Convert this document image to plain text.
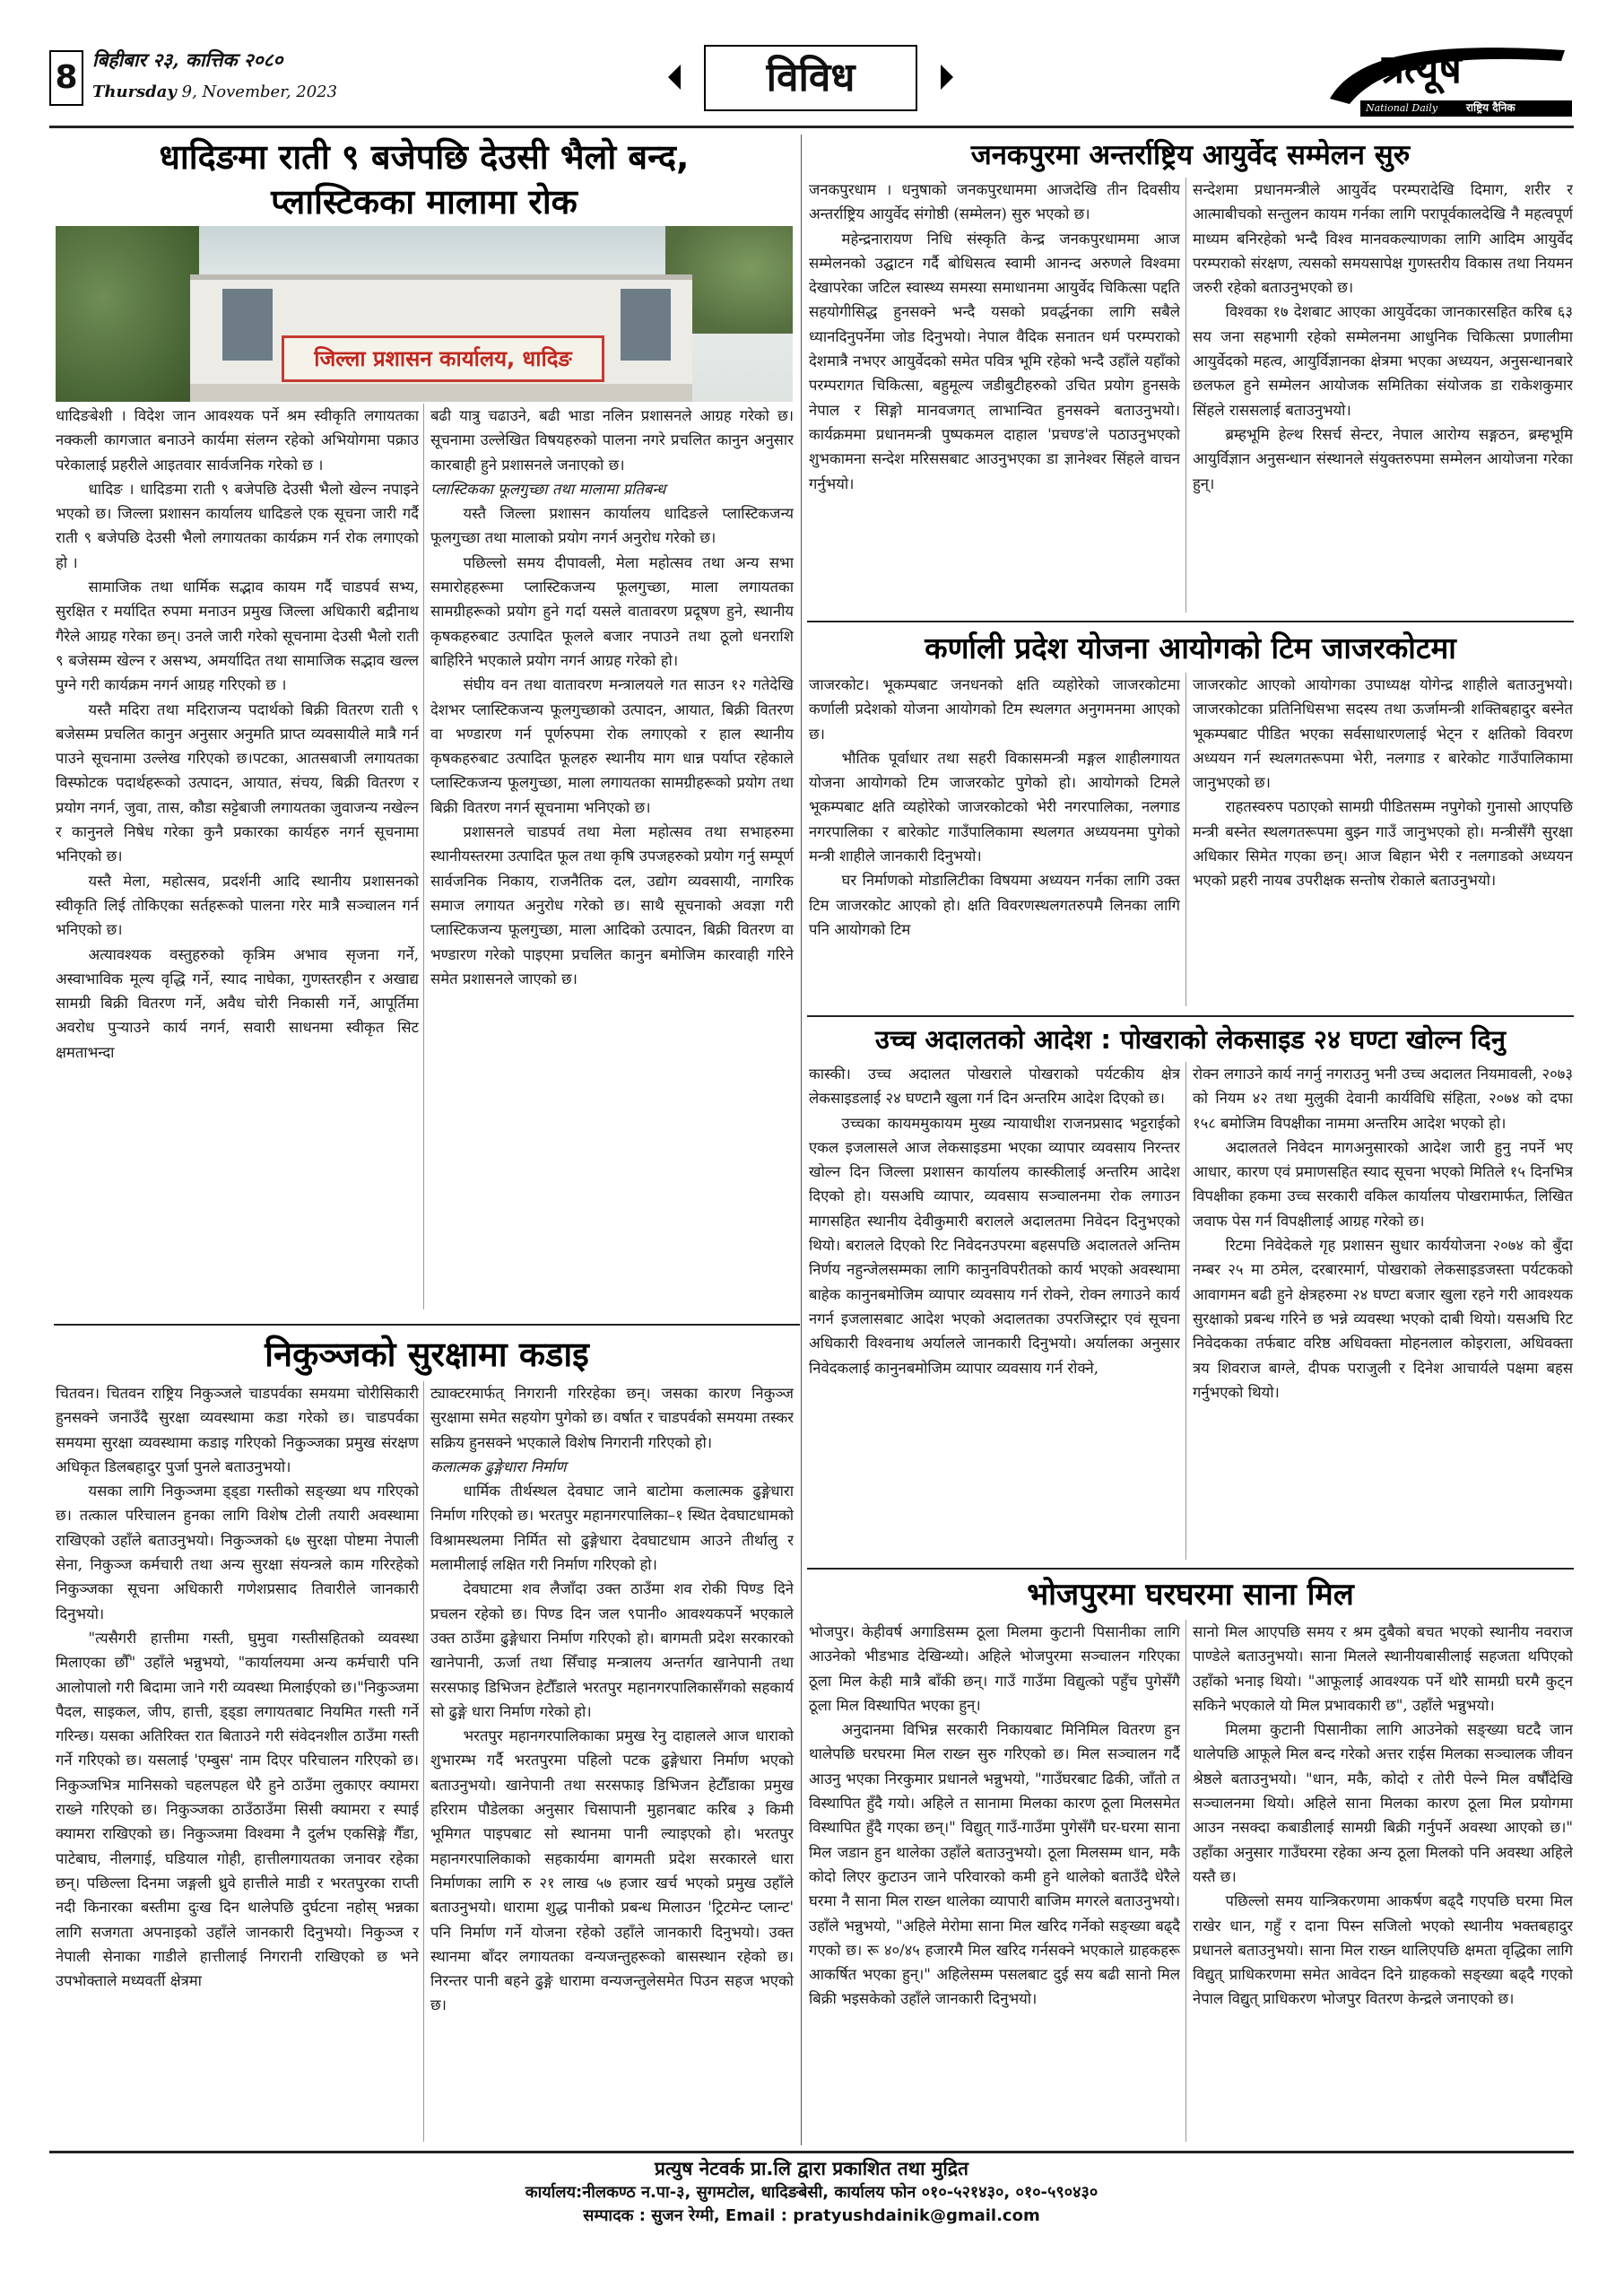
8 बिहीबार २३, कात्तिक २०८०
Thursday 9, November, 2023	विविध	प्रत्यूष
National Daily	राष्ट्रिय दैनिक
धादिङमा राती ९ बजेपछि देउसी भैलो बन्द,
प्लास्टिकका मालामा रोक
जिल्ला प्रशासन कार्यालय, धादिङ

धादिङबेशी । विदेश जान आवश्यक पर्ने श्रम स्वीकृति लगायतका नक्कली कागजात बनाउने कार्यमा संलग्न रहेको अभियोगमा पक्राउ परेकालाई प्रहरीले आइतवार सार्वजनिक गरेको छ ।

धादिङ । धादिङमा राती ९ बजेपछि देउसी भैलो खेल्न नपाइने भएको छ। जिल्ला प्रशासन कार्यालय धादिङले एक सूचना जारी गर्दै राती ९ बजेपछि देउसी भैलो लगायतका कार्यक्रम गर्न रोक लगाएको हो ।

सामाजिक तथा धार्मिक सद्भाव कायम गर्दै चाडपर्व सभ्य, सुरक्षित र मर्यादित रुपमा मनाउन प्रमुख जिल्ला अधिकारी बद्रीनाथ गैरेले आग्रह गरेका छन्। उनले जारी गरेको सूचनामा देउसी भैलो राती ९ बजेसम्म खेल्न र असभ्य, अमर्यादित तथा सामाजिक सद्भाव खल्ल पुग्ने गरी कार्यक्रम नगर्न आग्रह गरिएको छ ।

यस्तै मदिरा तथा मदिराजन्य पदार्थको बिक्री वितरण राती ९ बजेसम्म प्रचलित कानुन अनुसार अनुमति प्राप्त व्यवसायीले मात्रै गर्न पाउने सूचनामा उल्लेख गरिएको छ।पटका, आतसबाजी लगायतका विस्फोटक पदार्थहरूको उत्पादन, आयात, संचय, बिक्री वितरण र प्रयोग नगर्न, जुवा, तास, कौडा सट्टेबाजी लगायतका जुवाजन्य नखेल्न र कानुनले निषेध गरेका कुनै प्रकारका कार्यहरु नगर्न सूचनामा भनिएको छ।

यस्तै मेला, महोत्सव, प्रदर्शनी आदि स्थानीय प्रशासनको स्वीकृति लिई तोकिएका सर्तहरूको पालना गरेर मात्रै सञ्चालन गर्न भनिएको छ।

अत्यावश्यक वस्तुहरुको कृत्रिम अभाव सृजना गर्ने, अस्वाभाविक मूल्य वृद्धि गर्ने, स्याद नाघेका, गुणस्तरहीन र अखाद्य सामग्री बिक्री वितरण गर्ने, अवैध चोरी निकासी गर्ने, आपूर्तिमा अवरोध पुऱ्याउने कार्य नगर्न, सवारी साधनमा स्वीकृत सिट क्षमताभन्दा

बढी यात्रु चढाउने, बढी भाडा नलिन प्रशासनले आग्रह गरेको छ। सूचनामा उल्लेखित विषयहरुको पालना नगरे प्रचलित कानुन अनुसार कारबाही हुने प्रशासनले जनाएको छ।

प्लास्टिकका फूलगुच्छा तथा मालामा प्रतिबन्ध

यस्तै जिल्ला प्रशासन कार्यालय धादिङले प्लास्टिकजन्य फूलगुच्छा तथा मालाको प्रयोग नगर्न अनुरोध गरेको छ।

पछिल्लो समय दीपावली, मेला महोत्सव तथा अन्य सभा समारोहहरूमा प्लास्टिकजन्य फूलगुच्छा, माला लगायतका सामग्रीहरूको प्रयोग हुने गर्दा यसले वातावरण प्रदूषण हुने, स्थानीय कृषकहरुबाट उत्पादित फूलले बजार नपाउने तथा ठूलो धनराशि बाहिरिने भएकाले प्रयोग नगर्न आग्रह गरेको हो।

संघीय वन तथा वातावरण मन्त्रालयले गत साउन १२ गतेदेखि देशभर प्लास्टिकजन्य फूलगुच्छाको उत्पादन, आयात, बिक्री वितरण वा भण्डारण गर्न पूर्णरुपमा रोक लगाएको र हाल स्थानीय कृषकहरुबाट उत्पादित फूलहरु स्थानीय माग धान्न पर्याप्त रहेकाले प्लास्टिकजन्य फूलगुच्छा, माला लगायतका सामग्रीहरूको प्रयोग तथा बिक्री वितरण नगर्न सूचनामा भनिएको छ।

प्रशासनले चाडपर्व तथा मेला महोत्सव तथा सभाहरुमा स्थानीयस्तरमा उत्पादित फूल तथा कृषि उपजहरुको प्रयोग गर्नु सम्पूर्ण सार्वजनिक निकाय, राजनैतिक दल, उद्योग व्यवसायी, नागरिक समाज लगायत अनुरोध गरेको छ। साथै सूचनाको अवज्ञा गरी प्लास्टिकजन्य फूलगुच्छा, माला आदिको उत्पादन, बिक्री वितरण वा भण्डारण गरेको पाइएमा प्रचलित कानुन बमोजिम कारवाही गरिने समेत प्रशासनले जाएको छ।

जनकपुरमा अन्तर्राष्ट्रिय आयुर्वेद सम्मेलन सुरु

जनकपुरधाम । धनुषाको जनकपुरधाममा आजदेखि तीन दिवसीय अन्तर्राष्ट्रिय आयुर्वेद संगोष्ठी (सम्मेलन) सुरु भएको छ।

महेन्द्रनारायण निधि संस्कृति केन्द्र जनकपुरधाममा आज सम्मेलनको उद्घाटन गर्दै बोधिसत्व स्वामी आनन्द अरुणले विश्वमा देखापरेका जटिल स्वास्थ्य समस्या समाधानमा आयुर्वेद चिकित्सा पद्दति सहयोगीसिद्ध हुनसक्ने भन्दै यसको प्रवर्द्धनका लागि सबैले ध्यानदिनुपर्नेमा जोड दिनुभयो। नेपाल वैदिक सनातन धर्म परम्पराको देशमात्रै नभएर आयुर्वेदको समेत पवित्र भूमि रहेको भन्दै उहाँले यहाँको परम्परागत चिकित्सा, बहुमूल्य जडीबुटीहरुको उचित प्रयोग हुनसके नेपाल र सिङ्गो मानवजगत् लाभान्वित हुनसक्ने बताउनुभयो। कार्यक्रममा प्रधानमन्त्री पुष्पकमल दाहाल 'प्रचण्ड'ले पठाउनुभएको शुभकामना सन्देश मरिससबाट आउनुभएका डा ज्ञानेश्वर सिंहले वाचन गर्नुभयो।

सन्देशमा प्रधानमन्त्रीले आयुर्वेद परम्परादेखि दिमाग, शरीर र आत्माबीचको सन्तुलन कायम गर्नका लागि परापूर्वकालदेखि नै महत्वपूर्ण माध्यम बनिरहेको भन्दै विश्व मानवकल्याणका लागि आदिम आयुर्वेद परम्पराको संरक्षण, त्यसको समयसापेक्ष गुणस्तरीय विकास तथा नियमन जरुरी रहेको बताउनुभएको छ।

विश्वका १७ देशबाट आएका आयुर्वेदका जानकारसहित करिब ६३ सय जना सहभागी रहेको सम्मेलनमा आधुनिक चिकित्सा प्रणालीमा आयुर्वेदको महत्व, आयुर्विज्ञानका क्षेत्रमा भएका अध्ययन, अनुसन्धानबारे छलफल हुने सम्मेलन आयोजक समितिका संयोजक डा राकेशकुमार सिंहले राससलाई बताउनुभयो।

ब्रम्हभूमि हेल्थ रिसर्च सेन्टर, नेपाल आरोग्य सङ्गठन, ब्रम्हभूमि आयुर्विज्ञान अनुसन्धान संस्थानले संयुक्तरुपमा सम्मेलन आयोजना गरेका हुन्।

कर्णाली प्रदेश योजना आयोगको टिम जाजरकोटमा

जाजरकोट। भूकम्पबाट जनधनको क्षति व्यहोरेको जाजरकोटमा कर्णाली प्रदेशको योजना आयोगको टिम स्थलगत अनुगमनमा आएको छ।

भौतिक पूर्वाधार तथा सहरी विकासमन्त्री मङ्गल शाहीलगायत योजना आयोगको टिम जाजरकोट पुगेको हो। आयोगको टिमले भूकम्पबाट क्षति व्यहोरेको जाजरकोटको भेरी नगरपालिका, नलगाड नगरपालिका र बारेकोट गाउँपालिकामा स्थलगत अध्ययनमा पुगेको मन्त्री शाहीले जानकारी दिनुभयो।

घर निर्माणको मोडालिटीका विषयमा अध्ययन गर्नका लागि उक्त टिम जाजरकोट आएको हो। क्षति विवरणस्थलगतरुपमै लिनका लागि पनि आयोगको टिम

जाजरकोट आएको आयोगका उपाध्यक्ष योगेन्द्र शाहीले बताउनुभयो। जाजरकोटका प्रतिनिधिसभा सदस्य तथा ऊर्जामन्त्री शक्तिबहादुर बस्नेत भूकम्पबाट पीडित भएका सर्वसाधारणलाई भेट्न र क्षतिको विवरण अध्ययन गर्न स्थलगतरूपमा भेरी, नलगाड र बारेकोट गाउँपालिकामा जानुभएको छ।

राहतस्वरुप पठाएको सामग्री पीडितसम्म नपुगेको गुनासो आएपछि मन्त्री बस्नेत स्थलगतरूपमा बुझ्न गाउँ जानुभएको हो। मन्त्रीसँगै सुरक्षा अधिकार सिमेत गएका छन्। आज बिहान भेरी र नलगाडको अध्ययन भएको प्रहरी नायब उपरीक्षक सन्तोष रोकाले बताउनुभयो।

उच्च अदालतको आदेश : पोखराको लेकसाइड २४ घण्टा खोल्न दिनु

कास्की। उच्च अदालत पोखराले पोखराको पर्यटकीय क्षेत्र लेकसाइडलाई २४ घण्टानै खुला गर्न दिन अन्तरिम आदेश दिएको छ।

उच्चका कायममुकायम मुख्य न्यायाधीश राजनप्रसाद भट्टराईको एकल इजलासले आज लेकसाइडमा भएका व्यापार व्यवसाय निरन्तर खोल्न दिन जिल्ला प्रशासन कार्यालय कास्कीलाई अन्तरिम आदेश दिएको हो। यसअघि व्यापार, व्यवसाय सञ्चालनमा रोक लगाउन मागसहित स्थानीय देवीकुमारी बरालले अदालतमा निवेदन दिनुभएको थियो। बरालले दिएको रिट निवेदनउपरमा बहसपछि अदालतले अन्तिम निर्णय नहुन्जेलसम्मका लागि कानुनविपरीतको कार्य भएको अवस्थामा बाहेक कानुनबमोजिम व्यापार व्यवसाय गर्न रोक्ने, रोक्न लगाउने कार्य नगर्न इजलासबाट आदेश भएको अदालतका उपरजिस्ट्रार एवं सूचना अधिकारी विश्वनाथ अर्यालले जानकारी दिनुभयो। अर्यालका अनुसार निवेदकलाई कानुनबमोजिम व्यापार व्यवसाय गर्न रोक्ने,

रोक्न लगाउने कार्य नगर्नु नगराउनु भनी उच्च अदालत नियमावली, २०७३ को नियम ४२ तथा मुलुकी देवानी कार्यविधि संहिता, २०७४ को दफा १५८ बमोजिम विपक्षीका नाममा अन्तरिम आदेश भएको हो।

अदालतले निवेदन मागअनुसारको आदेश जारी हुनु नपर्ने भए आधार, कारण एवं प्रमाणसहित स्याद सूचना भएको मितिले १५ दिनभित्र विपक्षीका हकमा उच्च सरकारी वकिल कार्यालय पोखरामार्फत, लिखित जवाफ पेस गर्न विपक्षीलाई आग्रह गरेको छ।

रिटमा निवेदेकले गृह प्रशासन सुधार कार्ययोजना २०७४ को बुँदा नम्बर २५ मा ठमेल, दरबारमार्ग, पोखराको लेकसाइडजस्ता पर्यटकको आवागमन बढी हुने क्षेत्रहरुमा २४ घण्टा बजार खुला रहने गरी आवश्यक सुरक्षाको प्रबन्ध गरिने छ भन्ने व्यवस्था भएको दाबी थियो। यसअघि रिट निवेदकका तर्फबाट वरिष्ठ अधिवक्ता मोहनलाल कोइराला, अधिवक्ता त्रय शिवराज बाग्ले, दीपक पराजुली र दिनेश आचार्यले पक्षमा बहस गर्नुभएको थियो।

निकुञ्जको सुरक्षामा कडाइ

चितवन। चितवन राष्ट्रिय निकुञ्जले चाडपर्वका समयमा चोरीसिकारी हुनसक्ने जनाउँदै सुरक्षा व्यवस्थामा कडा गरेको छ। चाडपर्वका समयमा सुरक्षा व्यवस्थामा कडाइ गरिएको निकुञ्जका प्रमुख संरक्षण अधिकृत डिलबहादुर पुर्जा पुनले बताउनुभयो।

यसका लागि निकुञ्जमा ड्ड्डा गस्तीको सङ्ख्या थप गरिएको छ। तत्काल परिचालन हुनका लागि विशेष टोली तयारी अवस्थामा राखिएको उहाँले बताउनुभयो। निकुञ्जको ६७ सुरक्षा पोष्टमा नेपाली सेना, निकुञ्ज कर्मचारी तथा अन्य सुरक्षा संयन्त्रले काम गरिरहेको निकुञ्जका सूचना अधिकारी गणेशप्रसाद तिवारीले जानकारी दिनुभयो।

"त्यसैगरी हात्तीमा गस्ती, घुमुवा गस्तीसहितको व्यवस्था मिलाएका छौँ" उहाँले भन्नुभयो, "कार्यालयमा अन्य कर्मचारी पनि आलोपालो गरी बिदामा जाने गरी व्यवस्था मिलाईएको छ।"निकुञ्जमा पैदल, साइकल, जीप, हात्ती, ड्ड्डा लगायतबाट नियमित गस्ती गर्ने गरिन्छ। यसका अतिरिक्त रात बिताउने गरी संवेदनशील ठाउँमा गस्ती गर्ने गरिएको छ। यसलाई 'एम्बुस' नाम दिएर परिचालन गरिएको छ। निकुञ्जभित्र मानिसको चहलपहल धेरै हुने ठाउँमा लुकाएर क्यामरा राख्ने गरिएको छ। निकुञ्जका ठाउँठाउँमा सिसी क्यामरा र स्पाई क्यामरा राखिएको छ। निकुञ्जमा विश्वमा नै दुर्लभ एकसिङ्गे गैँडा, पाटेबाघ, नीलगाई, घडियाल गोही, हात्तीलगायतका जनावर रहेका छन्। पछिल्ला दिनमा जङ्गली ध्रुवे हात्तीले माडी र भरतपुरका राप्ती नदी किनारका बस्तीमा दुःख दिन थालेपछि दुर्घटना नहोस् भन्नका लागि सजगता अपनाइको उहाँले जानकारी दिनुभयो। निकुञ्ज र नेपाली सेनाका गाडीले हात्तीलाई निगरानी राखिएको छ भने उपभोक्ताले मध्यवर्ती क्षेत्रमा

ट्याक्टरमार्फत् निगरानी गरिरहेका छन्। जसका कारण निकुञ्ज सुरक्षामा समेत सहयोग पुगेको छ। वर्षात र चाडपर्वको समयमा तस्कर सक्रिय हुनसक्ने भएकाले विशेष निगरानी गरिएको हो।

कलात्मक ढुङ्गेधारा निर्माण

धार्मिक तीर्थस्थल देवघाट जाने बाटोमा कलात्मक ढुङ्गेधारा निर्माण गरिएको छ। भरतपुर महानगरपालिका–१ स्थित देवघाटधामको विश्रामस्थलमा निर्मित सो ढुङ्गेधारा देवघाटधाम आउने तीर्थालु र मलामीलाई लक्षित गरी निर्माण गरिएको हो।

देवघाटमा शव लैजाँदा उक्त ठाउँमा शव रोकी पिण्ड दिने प्रचलन रहेको छ। पिण्ड दिन जल ९पानी० आवश्यकपर्ने भएकाले उक्त ठाउँमा ढुङ्गेधारा निर्माण गरिएको हो। बागमती प्रदेश सरकारको खानेपानी, ऊर्जा तथा सिँचाइ मन्त्रालय अन्तर्गत खानेपानी तथा सरसफाइ डिभिजन हेटौँडाले भरतपुर महानगरपालिकासँगको सहकार्य सो ढुङ्गे धारा निर्माण गरेको हो।

भरतपुर महानगरपालिकाका प्रमुख रेनु दाहालले आज धाराको शुभारम्भ गर्दै भरतपुरमा पहिलो पटक ढुङ्गेधारा निर्माण भएको बताउनुभयो। खानेपानी तथा सरसफाइ डिभिजन हेटौँडाका प्रमुख हरिराम पौडेलका अनुसार चिसापानी मुहानबाट करिब ३ किमी भूमिगत पाइपबाट सो स्थानमा पानी ल्याइएको हो। भरतपुर महानगरपालिकाको सहकार्यमा बागमती प्रदेश सरकारले धारा निर्माणका लागि रु २१ लाख ५७ हजार खर्च भएको प्रमुख उहाँले बताउनुभयो। धारामा शुद्ध पानीको प्रबन्ध मिलाउन 'ट्रिटमेन्ट प्लान्ट' पनि निर्माण गर्ने योजना रहेको उहाँले जानकारी दिनुभयो। उक्त स्थानमा बाँदर लगायतका वन्यजन्तुहरूको बासस्थान रहेको छ। निरन्तर पानी बहने ढुङ्गे धारामा वन्यजन्तुलेसमेत पिउन सहज भएको छ।

भोजपुरमा घरघरमा साना मिल

भोजपुर। केहीवर्ष अगाडिसम्म ठूला मिलमा कुटानी पिसानीका लागि आउनेको भीडभाड देखिन्थ्यो। अहिले भोजपुरमा सञ्चालन गरिएका ठूला मिल केही मात्रै बाँकी छन्। गाउँ गाउँमा विद्युत्को पहुँच पुगेसँगै ठूला मिल विस्थापित भएका हुन्।

अनुदानमा विभिन्न सरकारी निकायबाट मिनिमिल वितरण हुन थालेपछि घरघरमा मिल राख्न सुरु गरिएको छ। मिल सञ्चालन गर्दै आउनु भएका निरकुमार प्रधानले भन्नुभयो, "गाउँघरबाट ढिकी, जाँतो त विस्थापित हुँदै गयो। अहिले त सानामा मिलका कारण ठूला मिलसमेत विस्थापित हुँदै गएका छन्।" विद्युत् गाउँ-गाउँमा पुगेसँगै घर-घरमा साना मिल जडान हुन थालेका उहाँले बताउनुभयो। ठूला मिलसम्म धान, मकै कोदो लिएर कुटाउन जाने परिवारको कमी हुने थालेको बताउँदै धेरैले घरमा नै साना मिल राख्न थालेका व्यापारी बाजिम मगरले बताउनुभयो। उहाँले भन्नुभयो, "अहिले मेरोमा साना मिल खरिद गर्नेको सङ्ख्या बढ्दै गएको छ। रू ४०/४५ हजारमै मिल खरिद गर्नसक्ने भएकाले ग्राहकहरू आकर्षित भएका हुन्।" अहिलेसम्म पसलबाट दुई सय बढी सानो मिल बिक्री भइसकेको उहाँले जानकारी दिनुभयो।

सानो मिल आएपछि समय र श्रम दुबैको बचत भएको स्थानीय नवराज पाण्डेले बताउनुभयो। साना मिलले स्थानीयबासीलाई सहजता थपिएको उहाँको भनाइ थियो। "आफूलाई आवश्यक पर्ने थोरै सामग्री घरमै कुट्न सकिने भएकाले यो मिल प्रभावकारी छ", उहाँले भन्नुभयो।

मिलमा कुटानी पिसानीका लागि आउनेको सङ्ख्या घटदै जान थालेपछि आफूले मिल बन्द गरेको अत्तर राईस मिलका सञ्चालक जीवन श्रेष्ठले बताउनुभयो। "धान, मकै, कोदो र तोरी पेल्ने मिल वर्षौंदेखि सञ्चालनमा थियो। अहिले साना मिलका कारण ठूला मिल प्रयोगमा आउन नसक्दा कबाडीलाई सामग्री बिक्री गर्नुपर्ने अवस्था आएको छ।" उहाँका अनुसार गाउँघरमा रहेका अन्य ठूला मिलको पनि अवस्था अहिले यस्तै छ।

पछिल्लो समय यान्त्रिकरणमा आकर्षण बढ्दै गएपछि घरमा मिल राखेर धान, गहुँ र दाना पिस्न सजिलो भएको स्थानीय भक्तबहादुर प्रधानले बताउनुभयो। साना मिल राख्न थालिएपछि क्षमता वृद्धिका लागि विद्युत् प्राधिकरणमा समेत आवेदन दिने ग्राहकको सङ्ख्या बढ्दै गएको नेपाल विद्युत् प्राधिकरण भोजपुर वितरण केन्द्रले जनाएको छ।

प्रत्युष नेटवर्क प्रा.लि द्वारा प्रकाशित तथा मुद्रित
कार्यालय:नीलकण्ठ न.पा-३, सुगमटोल, धादिङबेसी, कार्यालय फोन ०१०-५२१४३०, ०१०-५९०४३०
सम्पादक : सुजन रेग्मी, Email : pratyushdainik@gmail.com
